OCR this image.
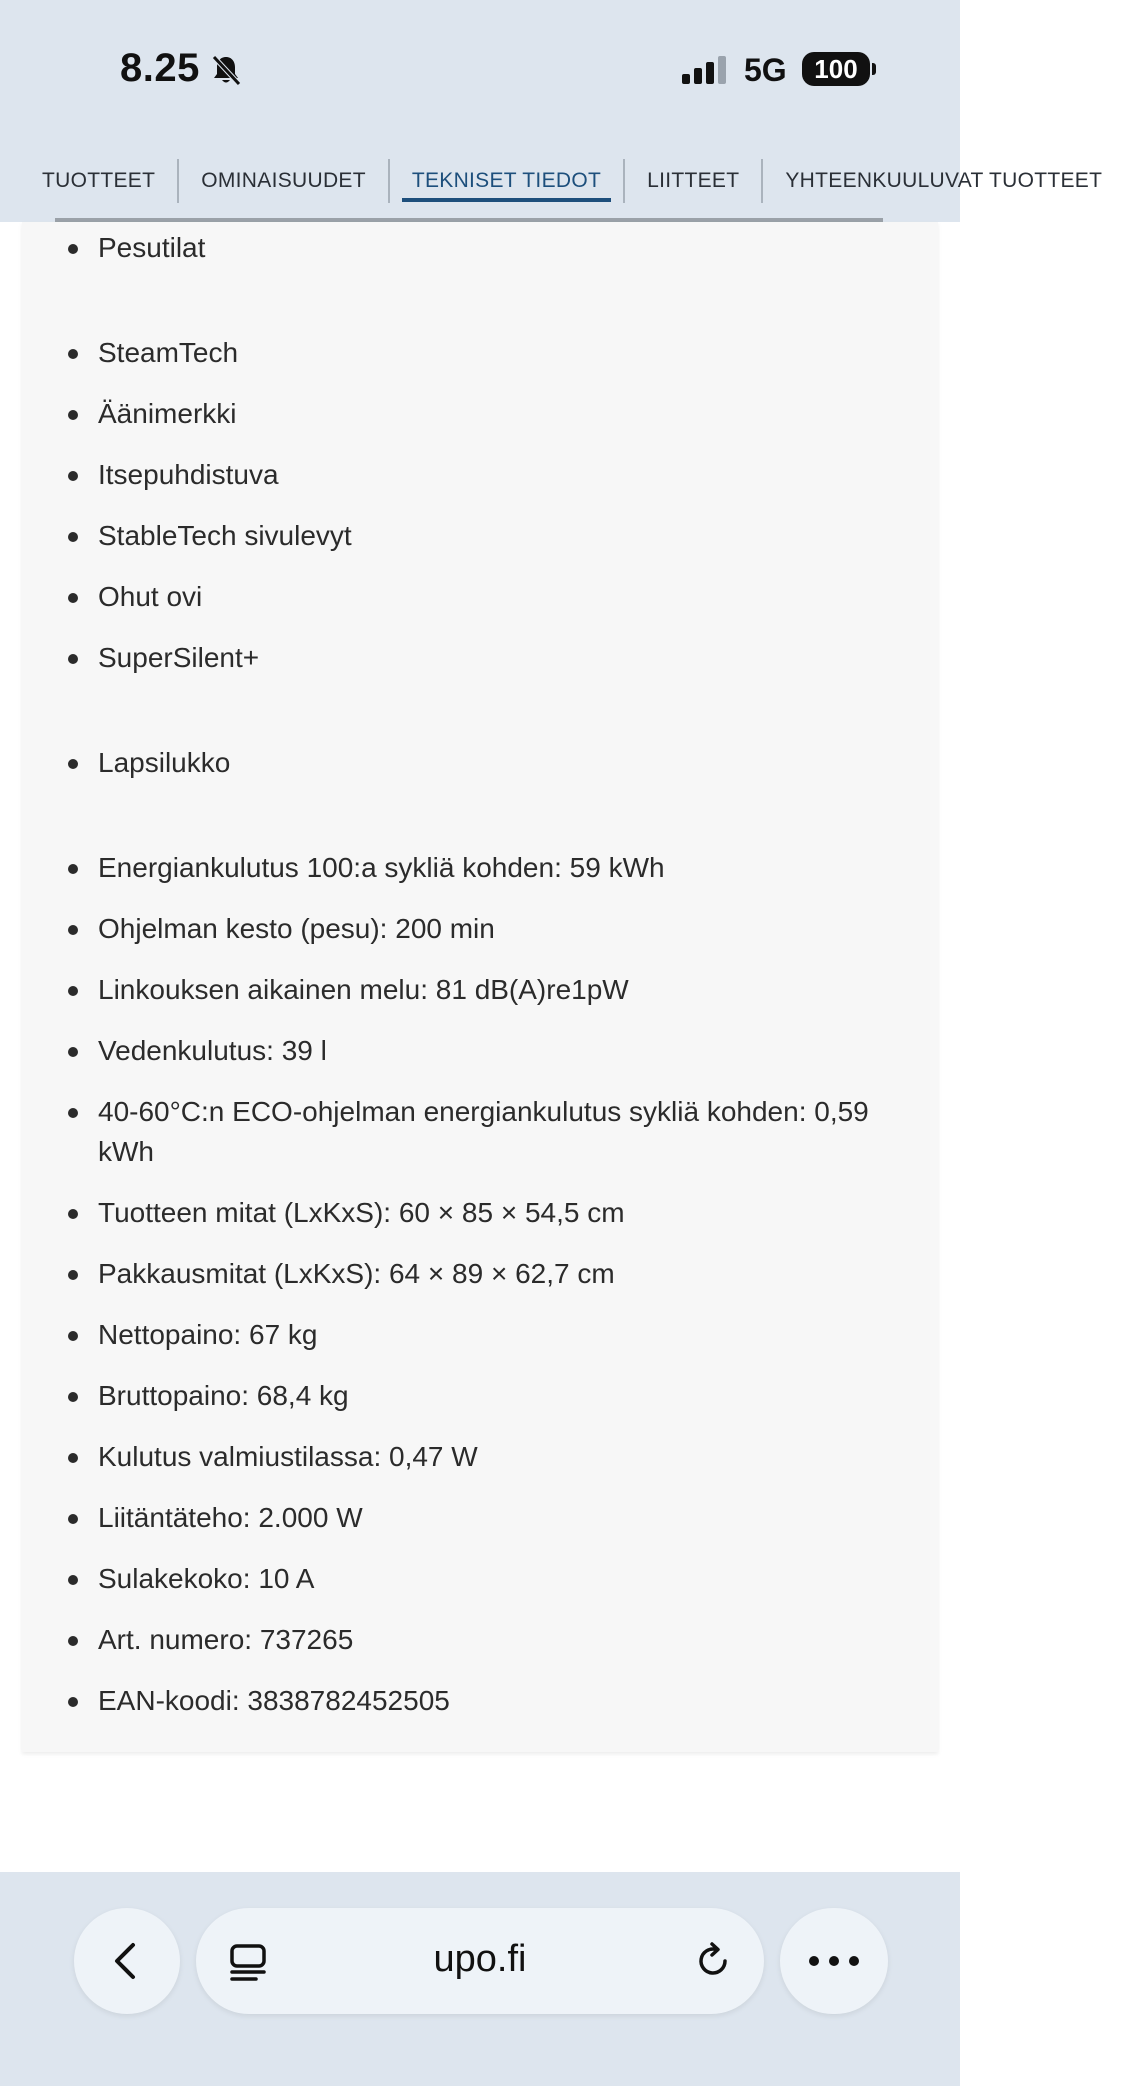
8.25	5G	100
TUOTTEET	OMINAISUUDET	TEKNISET TIEDOT	LIITTEET	YHTEENKUULUVAT TUOTTEET
Pesutilat
SteamTech
Äänimerkki
Itsepuhdistuva
StableTech sivulevyt
Ohut ovi
SuperSilent+
Lapsilukko
Energiankulutus 100:a sykliä kohden: 59 kWh
Ohjelman kesto (pesu): 200 min
Linkouksen aikainen melu: 81 dB(A)re1pW
Vedenkulutus: 39 l
40-60°C:n ECO-ohjelman energiankulutus sykliä kohden: 0,59 kWh
Tuotteen mitat (LxKxS): 60 × 85 × 54,5 cm
Pakkausmitat (LxKxS): 64 × 89 × 62,7 cm
Nettopaino: 67 kg
Bruttopaino: 68,4 kg
Kulutus valmiustilassa: 0,47 W
Liitäntäteho: 2.000 W
Sulakekoko: 10 A
Art. numero: 737265
EAN-koodi: 3838782452505
upo.fi
